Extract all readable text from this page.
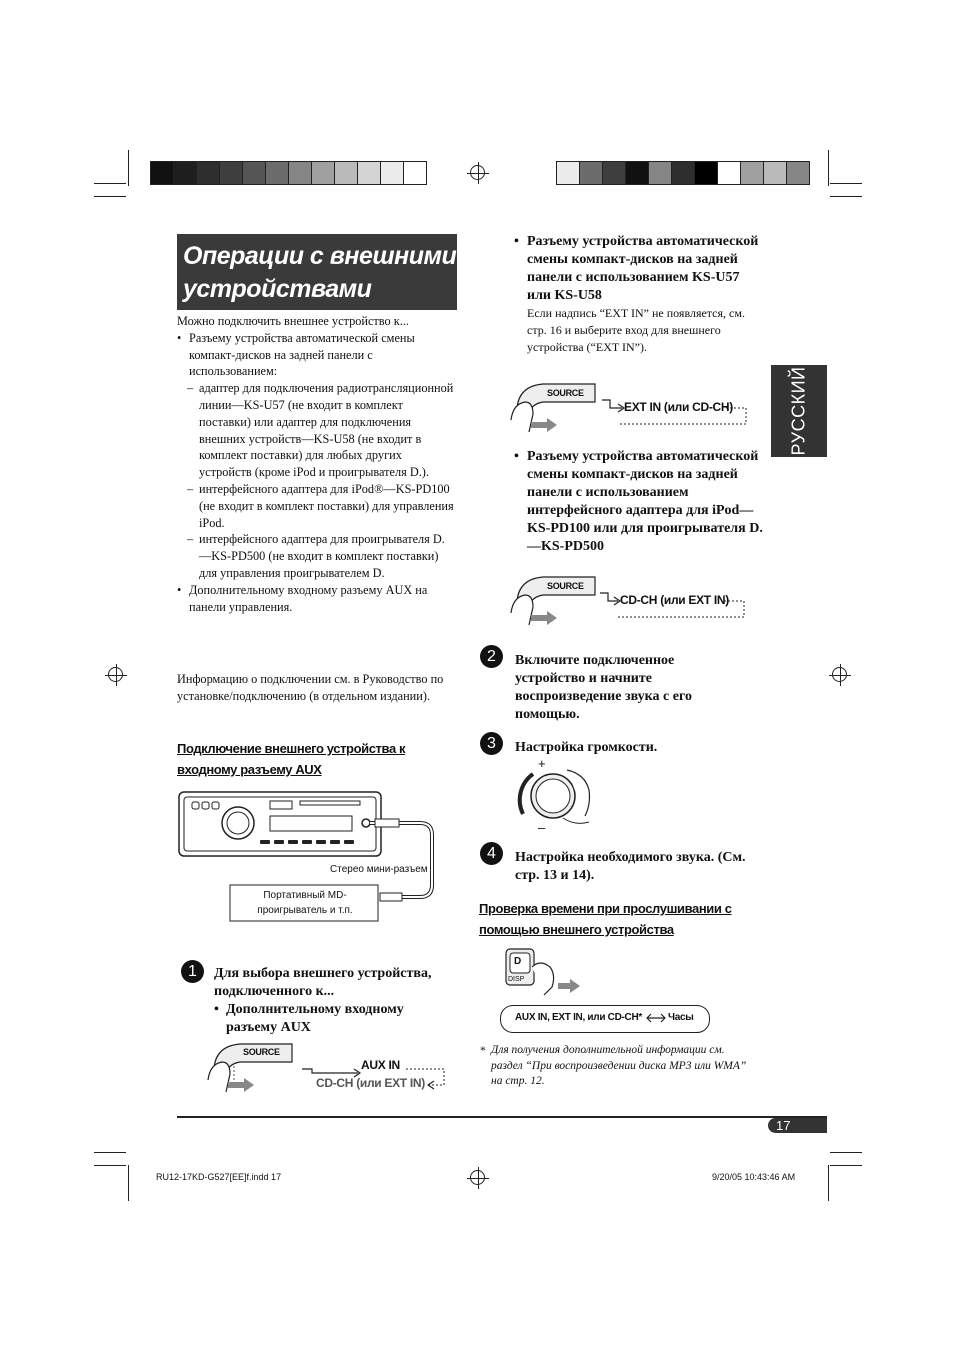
Операции с внешними
устройствами
РУССКИЙ
Можно подключить внешнее устройство к...
• Разъему устройства автоматической смены компакт-дисков на задней панели с использованием:
– адаптер для подключения радиотрансляционной линии—KS-U57 (не входит в комплект поставки) или адаптер для подключения внешних устройств—KS-U58 (не входит в комплект поставки) для любых других устройств (кроме iPod и проигрывателя D.).
– интерфейсного адаптера для iPod®—KS-PD100 (не входит в комплект поставки) для управления iPod.
– интерфейсного адаптера для проигрывателя D.—KS-PD500 (не входит в комплект поставки) для управления проигрывателем D.
• Дополнительному входному разъему AUX на панели управления.
Информацию о подключении см. в Руководство по установке/подключению (в отдельном издании).
Подключение внешнего устройства к входному разъему AUX
Стерео мини-разъем
Портативный MD-
проигрыватель и т.п.
1	Для выбора внешнего устройства,
подключенного к...
• Дополнительному входному разъему AUX
SOURCE
AUX IN
CD-CH (или EXT IN)
• Разъему устройства автоматической смены компакт-дисков на задней панели с использованием KS-U57 или KS-U58
Если надпись “EXT IN” не появляется, см. стр. 16 и выберите вход для внешнего устройства (“EXT IN”).
SOURCE
EXT IN (или CD-CH)
• Разъему устройства автоматической смены компакт-дисков на задней панели с использованием интерфейсного адаптера для iPod—KS-PD100 или для проигрывателя D.—KS-PD500
SOURCE
CD-CH (или EXT IN)
2	Включите подключенное устройство и начните воспроизведение звука с его помощью.
3	Настройка громкости.
+
–
4	Настройка необходимого звука. (См. стр. 13 и 14).
Проверка времени при прослушивании с помощью внешнего устройства
D
DISP
AUX IN, EXT IN, или CD-CH*	Часы
* Для получения дополнительной информации см. раздел “При воспроизведении диска MP3 или WMA” на стр. 12.
17
RU12-17KD-G527[EE]f.indd 17	9/20/05 10:43:46 AM
